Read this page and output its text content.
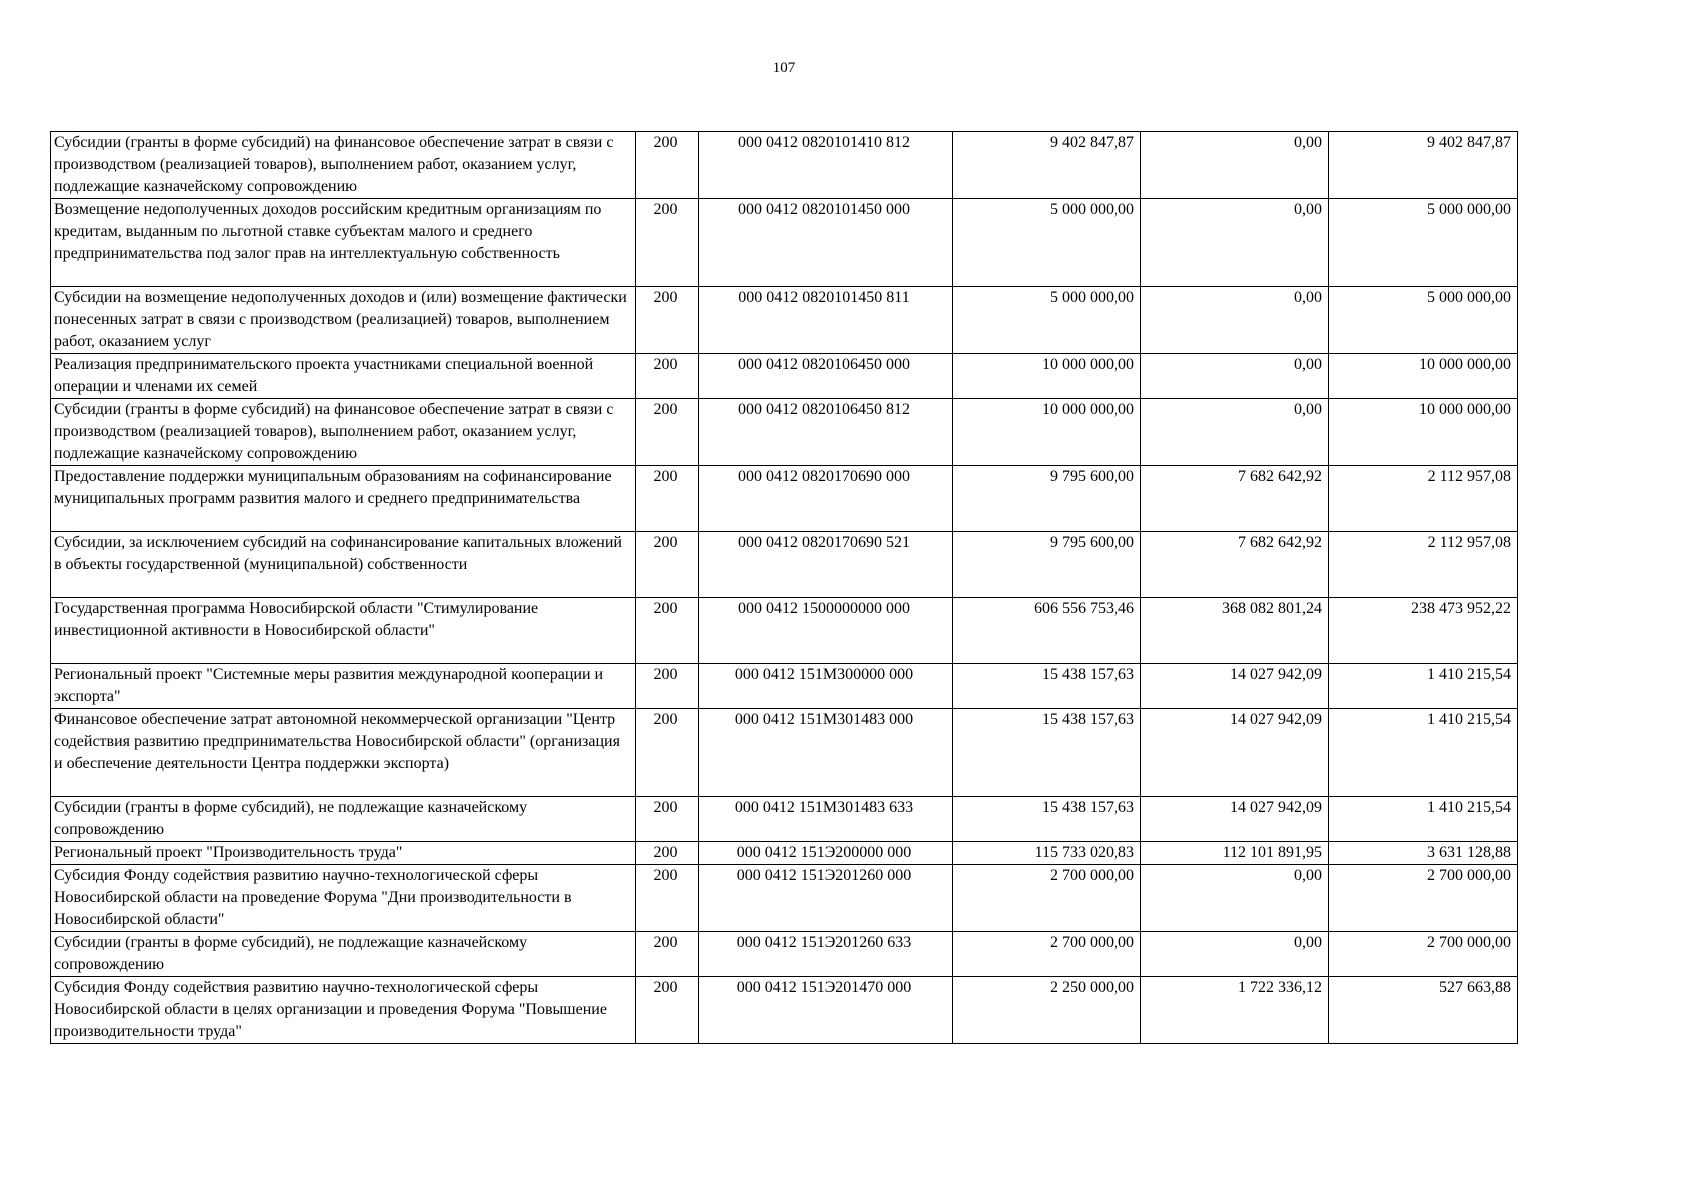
107
Субсидии (гранты в форме субсидий) на финансовое обеспечение затрат в связи с производством (реализацией товаров), выполнением работ, оказанием услуг, подлежащие казначейскому сопровождению	200	000 0412 0820101410 812	9 402 847,87	0,00	9 402 847,87
Возмещение недополученных доходов российским кредитным организациям по кредитам, выданным по льготной ставке субъектам малого и среднего предпринимательства под залог прав на интеллектуальную собственность	200	000 0412 0820101450 000	5 000 000,00	0,00	5 000 000,00
Субсидии на возмещение недополученных доходов и (или) возмещение фактически понесенных затрат в связи с производством (реализацией) товаров, выполнением работ, оказанием услуг	200	000 0412 0820101450 811	5 000 000,00	0,00	5 000 000,00
Реализация предпринимательского проекта участниками специальной военной операции и членами их семей	200	000 0412 0820106450 000	10 000 000,00	0,00	10 000 000,00
Субсидии (гранты в форме субсидий) на финансовое обеспечение затрат в связи с производством (реализацией товаров), выполнением работ, оказанием услуг, подлежащие казначейскому сопровождению	200	000 0412 0820106450 812	10 000 000,00	0,00	10 000 000,00
Предоставление поддержки муниципальным образованиям на софинансирование муниципальных программ развития малого и среднего предпринимательства	200	000 0412 0820170690 000	9 795 600,00	7 682 642,92	2 112 957,08
Субсидии, за исключением субсидий на софинансирование капитальных вложений в объекты государственной (муниципальной) собственности	200	000 0412 0820170690 521	9 795 600,00	7 682 642,92	2 112 957,08
Государственная программа Новосибирской области "Стимулирование инвестиционной активности в Новосибирской области"	200	000 0412 1500000000 000	606 556 753,46	368 082 801,24	238 473 952,22
Региональный проект "Системные меры развития международной кооперации и экспорта"	200	000 0412 151M300000 000	15 438 157,63	14 027 942,09	1 410 215,54
Финансовое обеспечение затрат автономной некоммерческой организации "Центр содействия развитию предпринимательства Новосибирской области" (организация и обеспечение деятельности Центра поддержки экспорта)	200	000 0412 151M301483 000	15 438 157,63	14 027 942,09	1 410 215,54
Субсидии (гранты в форме субсидий), не подлежащие казначейскому сопровождению	200	000 0412 151M301483 633	15 438 157,63	14 027 942,09	1 410 215,54
Региональный проект "Производительность труда"	200	000 0412 151Э200000 000	115 733 020,83	112 101 891,95	3 631 128,88
Субсидия Фонду содействия развитию научно-технологической сферы Новосибирской области на проведение Форума "Дни производительности в Новосибирской области"	200	000 0412 151Э201260 000	2 700 000,00	0,00	2 700 000,00
Субсидии (гранты в форме субсидий), не подлежащие казначейскому сопровождению	200	000 0412 151Э201260 633	2 700 000,00	0,00	2 700 000,00
Субсидия Фонду содействия развитию научно-технологической сферы Новосибирской области в целях организации и проведения Форума "Повышение производительности труда"	200	000 0412 151Э201470 000	2 250 000,00	1 722 336,12	527 663,88
